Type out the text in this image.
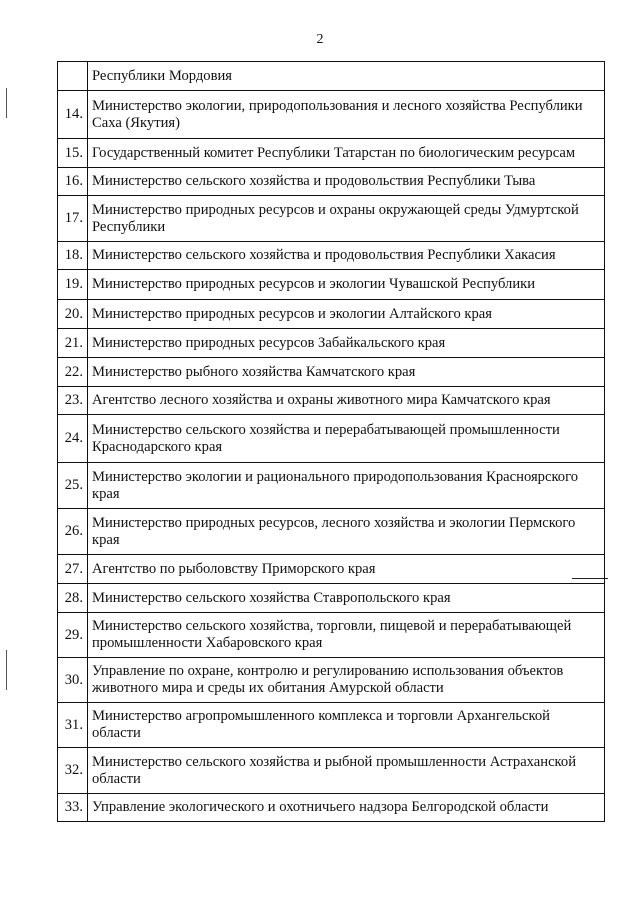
2
	Республики Мордовия
14.	Министерство экологии, природопользования и лесного хозяйства Республики Саха (Якутия)
15.	Государственный комитет Республики Татарстан по биологическим ресурсам
16.	Министерство сельского хозяйства и продовольствия Республики Тыва
17.	Министерство природных ресурсов и охраны окружающей среды Удмуртской Республики
18.	Министерство сельского хозяйства и продовольствия Республики Хакасия
19.	Министерство природных ресурсов и экологии Чувашской Республики
20.	Министерство природных ресурсов и экологии Алтайского края
21.	Министерство природных ресурсов Забайкальского края
22.	Министерство рыбного хозяйства Камчатского края
23.	Агентство лесного хозяйства и охраны животного мира Камчатского края
24.	Министерство сельского хозяйства и перерабатывающей промышленности Краснодарского края
25.	Министерство экологии и рационального природопользования Красноярского края
26.	Министерство природных ресурсов, лесного хозяйства и экологии Пермского края
27.	Агентство по рыболовству Приморского края
28.	Министерство сельского хозяйства Ставропольского края
29.	Министерство сельского хозяйства, торговли, пищевой и перерабатывающей промышленности Хабаровского края
30.	Управление по охране, контролю и регулированию использования объектов животного мира и среды их обитания Амурской области
31.	Министерство агропромышленного комплекса и торговли Архангельской области
32.	Министерство сельского хозяйства и рыбной промышленности Астраханской области
33.	Управление экологического и охотничьего надзора Белгородской области
